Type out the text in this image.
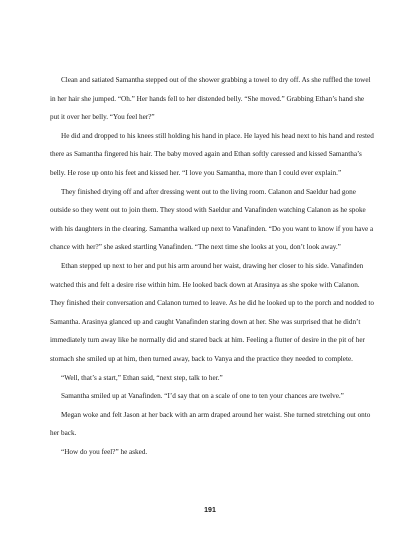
Clean and satiated Samantha stepped out of the shower grabbing a towel to dry off. As she ruffled the towel in her hair she jumped. “Oh.” Her hands fell to her distended belly. “She moved.” Grabbing Ethan’s hand she put it over her belly. “You feel her?”

He did and dropped to his knees still holding his hand in place. He layed his head next to his hand and rested there as Samantha fingered his hair. The baby moved again and Ethan softly caressed and kissed Samantha’s belly. He rose up onto his feet and kissed her. “I love you Samantha, more than I could ever explain.”

They finished drying off and after dressing went out to the living room. Calanon and Saeldur had gone outside so they went out to join them. They stood with Saeldur and Vanafinden watching Calanon as he spoke with his daughters in the clearing. Samantha walked up next to Vanafinden. “Do you want to know if you have a chance with her?” she asked startling Vanafinden. “The next time she looks at you, don’t look away.”

Ethan stepped up next to her and put his arm around her waist, drawing her closer to his side. Vanafinden watched this and felt a desire rise within him. He looked back down at Arasinya as she spoke with Calanon. They finished their conversation and Calanon turned to leave. As he did he looked up to the porch and nodded to Samantha. Arasinya glanced up and caught Vanafinden staring down at her. She was surprised that he didn’t immediately turn away like he normally did and stared back at him. Feeling a flutter of desire in the pit of her stomach she smiled up at him, then turned away, back to Vanya and the practice they needed to complete.

“Well, that’s a start,” Ethan said, “next step, talk to her.”

Samantha smiled up at Vanafinden. “I’d say that on a scale of one to ten your chances are twelve.”

Megan woke and felt Jason at her back with an arm draped around her waist. She turned stretching out onto her back.

“How do you feel?” he asked.

191
